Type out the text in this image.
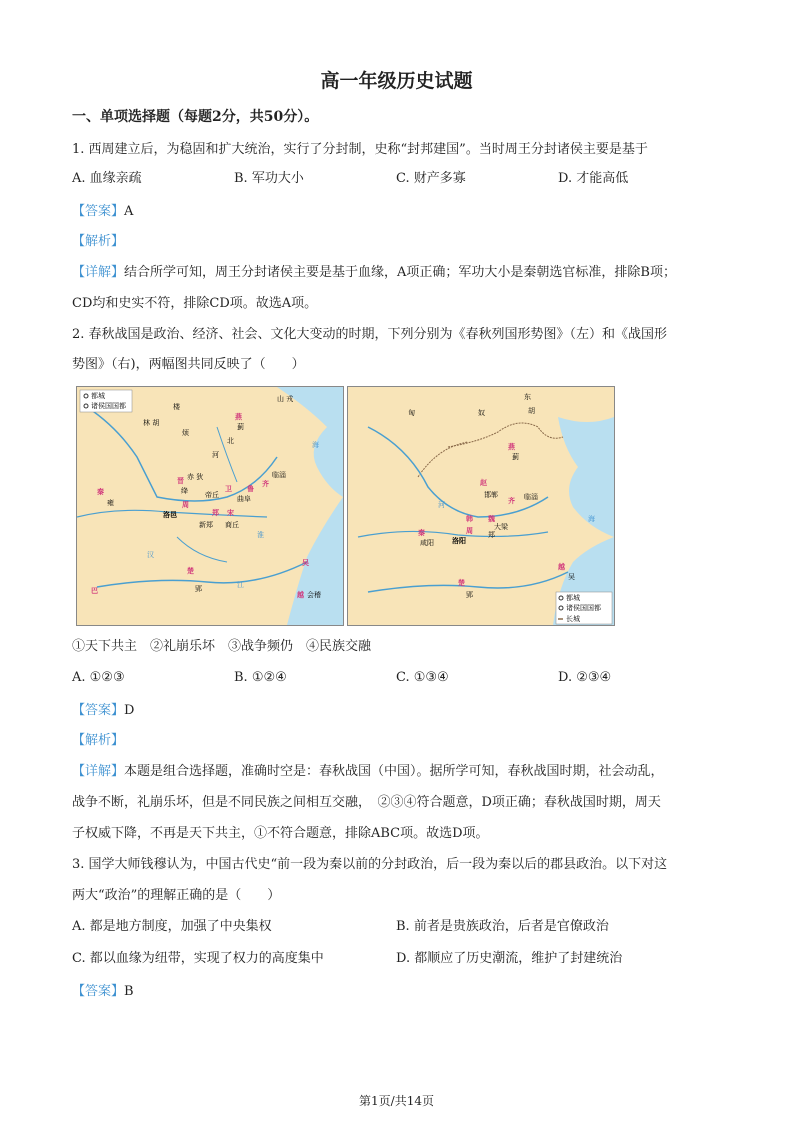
高一年级历史试题
一、单项选择题（每题2分，共50分）。
1. 西周建立后，为稳固和扩大统治，实行了分封制，史称“封邦建国”。当时周王分封诸侯主要是基于
A. 血缘亲疏	B. 军功大小	C. 财产多寡	D. 才能高低
【答案】A
【解析】
【详解】结合所学可知，周王分封诸侯主要是基于血缘，A项正确；军功大小是秦朝选官标准，排除B项；
CD均和史实不符，排除CD项。故选A项。
2. 春秋战国是政治、经济、社会、文化大变动的时期，下列分别为《春秋列国形势图》（左）和《战国形
势图》（右)，两幅图共同反映了（　　）
都城
诸侯国国都
山 戎
楼
林 胡
烦
燕
蓟
北
河
海
赤 狄	临淄
齐
秦
雍
晋
绛 帝丘
卫
曲阜
鲁
洛邑
周
郑
新郑
宋
商丘
淮
楚
郢
吴
巴	越 会稽
江
汉
都城
诸侯国国都
长城
东
匈	奴	胡
燕
蓟
赵
邯郸
齐 临淄
秦
咸阳
韩 魏
大梁
郑
洛阳
周
楚
郢
越
吴
海
河
①天下共主　②礼崩乐坏　③战争频仍　④民族交融
A. ①②③	B. ①②④	C. ①③④	D. ②③④
【答案】D
【解析】
【详解】本题是组合选择题，准确时空是：春秋战国（中国）。据所学可知，春秋战国时期，社会动乱，
战争不断，礼崩乐坏，但是不同民族之间相互交融，　②③④符合题意，D项正确；春秋战国时期，周天
子权威下降，不再是天下共主，①不符合题意，排除ABC项。故选D项。
3. 国学大师钱穆认为，中国古代史“前一段为秦以前的分封政治，后一段为秦以后的郡县政治。以下对这
两大“政治”的理解正确的是（　　）
A. 都是地方制度，加强了中央集权	B. 前者是贵族政治，后者是官僚政治
C. 都以血缘为纽带，实现了权力的高度集中	D. 都顺应了历史潮流，维护了封建统治
【答案】B
第1页/共14页
